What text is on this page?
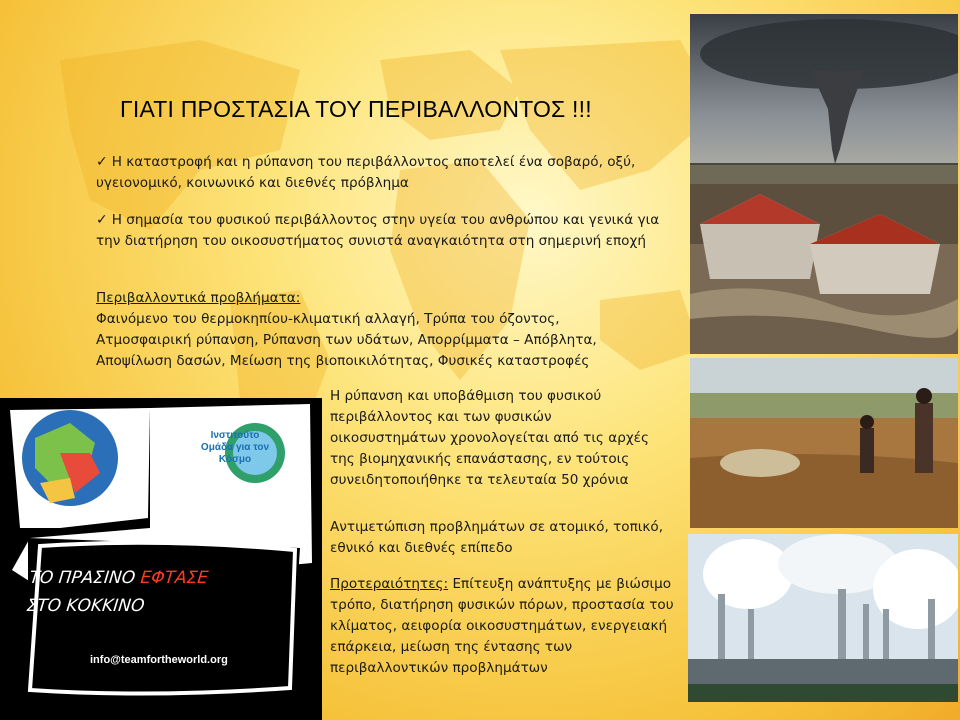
ΓΙΑΤΙ ΠΡΟΣΤΑΣΙΑ ΤΟΥ ΠΕΡΙΒΑΛΛΟΝΤΟΣ !!!
✓ Η καταστροφή και η ρύπανση του περιβάλλοντος αποτελεί ένα σοβαρό, οξύ, υγειονομικό, κοινωνικό και διεθνές πρόβλημα
✓ Η σημασία του φυσικού περιβάλλοντος στην υγεία του ανθρώπου και γενικά για την διατήρηση του οικοσυστήματος συνιστά αναγκαιότητα στη σημερινή εποχή
Περιβαλλοντικά προβλήματα:
Φαινόμενο του θερμοκηπίου-κλιματική αλλαγή, Τρύπα του όζοντος, Ατμοσφαιρική ρύπανση, Ρύπανση των υδάτων, Απορρίμματα – Απόβλητα, Αποψίλωση δασών, Μείωση της βιοποικιλότητας, Φυσικές καταστροφές
Η ρύπανση και υποβάθμιση του φυσικού περιβάλλοντος και των φυσικών οικοσυστημάτων χρονολογείται από τις αρχές της βιομηχανικής επανάστασης, εν τούτοις συνειδητοποιήθηκε τα τελευταία 50 χρόνια
Αντιμετώπιση προβλημάτων σε ατομικό, τοπικό, εθνικό και διεθνές επίπεδο
Προτεραιότητες: Επίτευξη ανάπτυξης με βιώσιμο τρόπο, διατήρηση φυσικών πόρων, προστασία του κλίματος, αειφορία οικοσυστημάτων, ενεργειακή επάρκεια, μείωση της έντασης των περιβαλλοντικών προβλημάτων
Ινστιτούτο Ομάδα για τον Κόσμο
ΤΟ ΠΡΑΣΙΝΟ ΕΦΤΑΣΕ
ΣΤΟ ΚΟΚΚΙΝΟ
info@teamfortheworld.org
